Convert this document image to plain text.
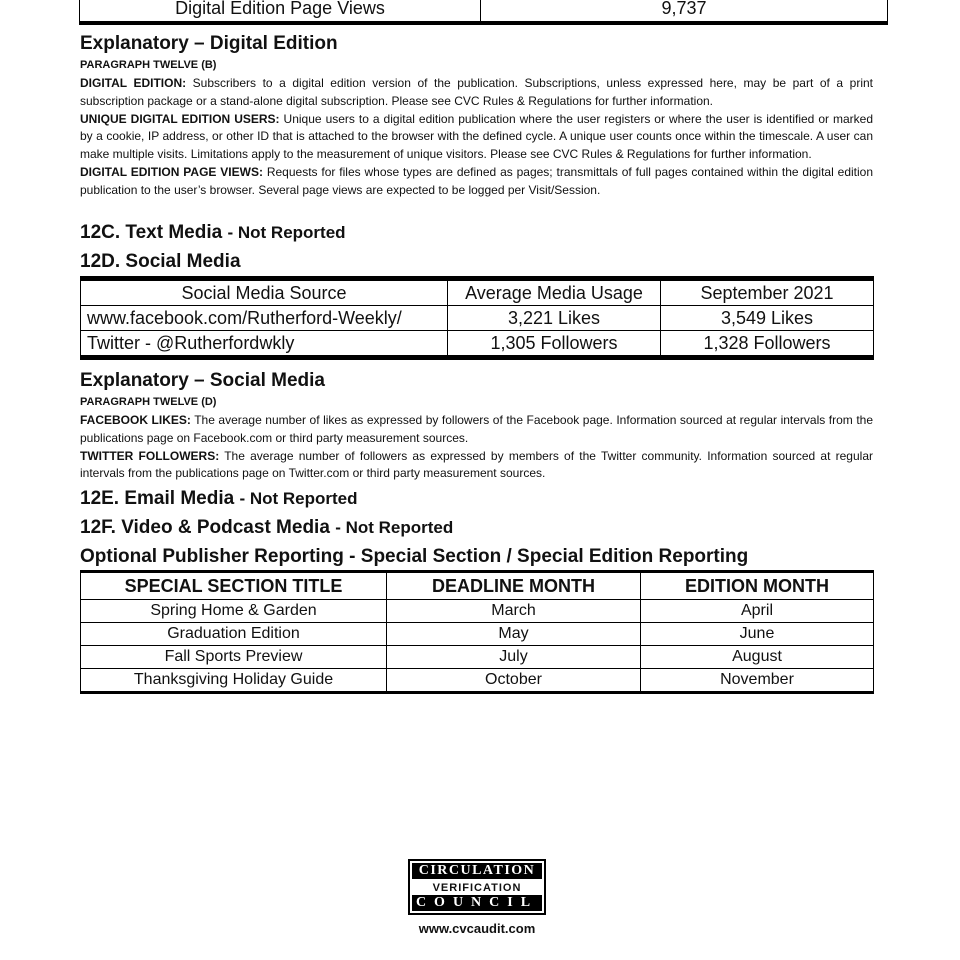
Digital Edition Page Views	9,737
Explanatory – Digital Edition
PARAGRAPH TWELVE (B)

DIGITAL EDITION: Subscribers to a digital edition version of the publication. Subscriptions, unless expressed here, may be part of a print subscription package or a stand-alone digital subscription. Please see CVC Rules & Regulations for further information.
UNIQUE DIGITAL EDITION USERS: Unique users to a digital edition publication where the user registers or where the user is identified or marked by a cookie, IP address, or other ID that is attached to the browser with the defined cycle. A unique user counts once within the timescale. A user can make multiple visits. Limitations apply to the measurement of unique visitors. Please see CVC Rules & Regulations for further information.
DIGITAL EDITION PAGE VIEWS: Requests for files whose types are defined as pages; transmittals of full pages contained within the digital edition publication to the user’s browser. Several page views are expected to be logged per Visit/Session.

12C. Text Media - Not Reported
12D. Social Media
Social Media Source	Average Media Usage	September 2021
www.facebook.com/Rutherford-Weekly/	3,221 Likes	3,549 Likes
Twitter - @Rutherfordwkly	1,305 Followers	1,328 Followers
Explanatory – Social Media
PARAGRAPH TWELVE (D)

FACEBOOK LIKES: The average number of likes as expressed by followers of the Facebook page. Information sourced at regular intervals from the publications page on Facebook.com or third party measurement sources.
TWITTER FOLLOWERS: The average number of followers as expressed by members of the Twitter community. Information sourced at regular intervals from the publications page on Twitter.com or third party measurement sources.

12E. Email Media - Not Reported
12F. Video & Podcast Media - Not Reported
Optional Publisher Reporting - Special Section / Special Edition Reporting
SPECIAL SECTION TITLE	DEADLINE MONTH	EDITION MONTH
Spring Home & Garden	March	April
Graduation Edition	May	June
Fall Sports Preview	July	August
Thanksgiving Holiday Guide	October	November
CIRCULATION
VERIFICATION
COUNCIL
www.cvcaudit.com
